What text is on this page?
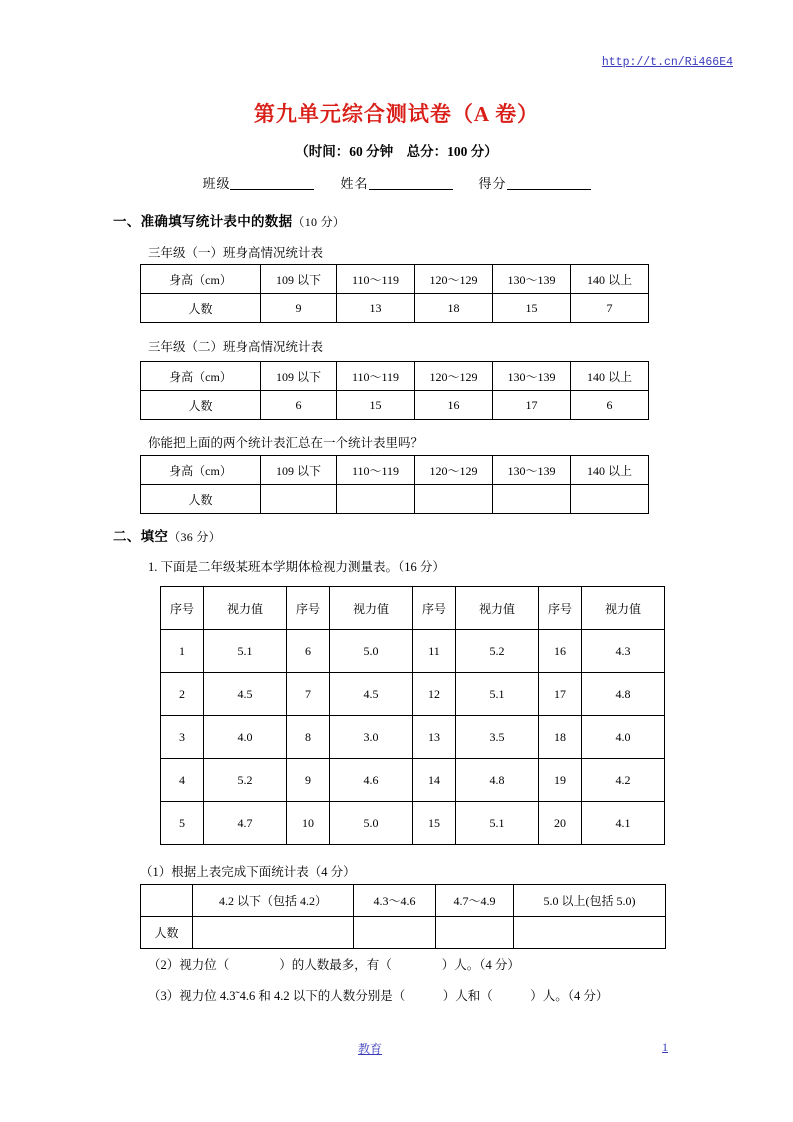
http://t.cn/Ri466E4
第九单元综合测试卷（A 卷）
（时间：60 分钟　总分：100 分）
班级	姓名	得分
一、准确填写统计表中的数据（10 分）
三年级（一）班身高情况统计表
身高（cm）	109 以下	110～119	120～129	130～139	140 以上
人数	9	13	18	15	7
三年级（二）班身高情况统计表
身高（cm）	109 以下	110～119	120～129	130～139	140 以上
人数	6	15	16	17	6
你能把上面的两个统计表汇总在一个统计表里吗？
身高（cm）	109 以下	110～119	120～129	130～139	140 以上
人数					
二、填空（36 分）
1. 下面是二年级某班本学期体检视力测量表。（16 分）
序号	视力值	序号	视力值	序号	视力值	序号	视力值
1	5.1	6	5.0	11	5.2	16	4.3
2	4.5	7	4.5	12	5.1	17	4.8
3	4.0	8	3.0	13	3.5	18	4.0
4	5.2	9	4.6	14	4.8	19	4.2
5	4.7	10	5.0	15	5.1	20	4.1
（1）根据上表完成下面统计表（4 分）
	4.2 以下（包括 4.2）	4.3～4.6	4.7～4.9	5.0 以上(包括 5.0)
人数				
（2）视力位（　　　　）的人数最多，有（　　　　）人。（4 分）
（3）视力位 4.3˜4.6 和 4.2 以下的人数分别是（　　　）人和（　　　）人。（4 分）
教育	1
